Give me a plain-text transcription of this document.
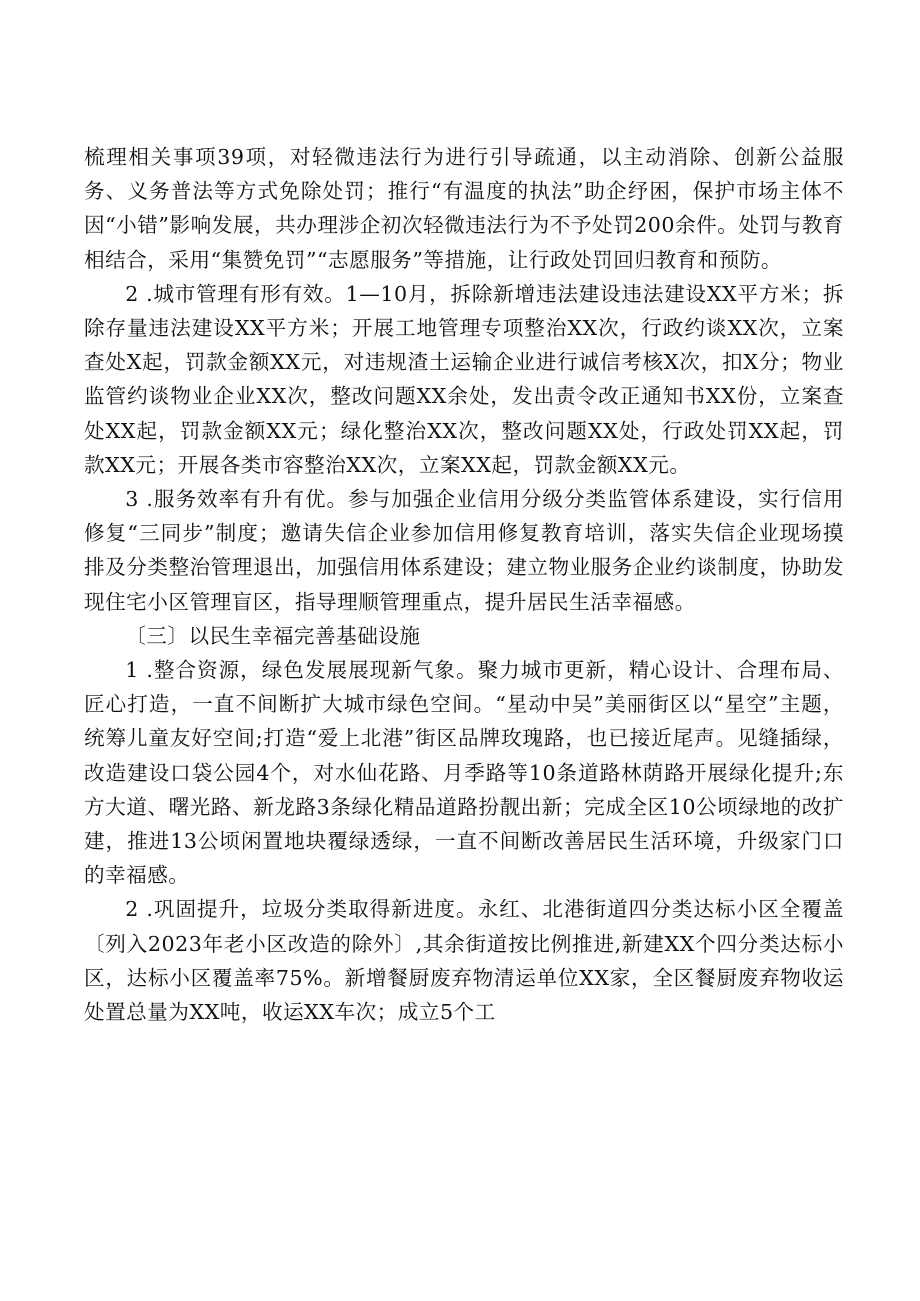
梳理相关事项39项，对轻微违法行为进行引导疏通，以主动消除、创新公益服务、义务普法等方式免除处罚；推行“有温度的执法”助企纾困，保护市场主体不因“小错”影响发展，共办理涉企初次轻微违法行为不予处罚200余件。处罚与教育相结合，采用“集赞免罚”“志愿服务”等措施，让行政处罚回归教育和预防。

2 .城市管理有形有效。1—10月，拆除新增违法建设违法建设XX平方米；拆除存量违法建设XX平方米；开展工地管理专项整治XX次，行政约谈XX次，立案查处X起，罚款金额XX元，对违规渣土运输企业进行诚信考核X次，扣X分；物业监管约谈物业企业XX次，整改问题XX余处，发出责令改正通知书XX份，立案查处XX起，罚款金额XX元；绿化整治XX次，整改问题XX处，行政处罚XX起，罚款XX元；开展各类市容整治XX次，立案XX起，罚款金额XX元。

3 .服务效率有升有优。参与加强企业信用分级分类监管体系建设，实行信用修复“三同步”制度；邀请失信企业参加信用修复教育培训，落实失信企业现场摸排及分类整治管理退出，加强信用体系建设；建立物业服务企业约谈制度，协助发现住宅小区管理盲区，指导理顺管理重点，提升居民生活幸福感。

〔三〕以民生幸福完善基础设施

1 .整合资源，绿色发展展现新气象。聚力城市更新，精心设计、合理布局、匠心打造，一直不间断扩大城市绿色空间。“星动中吴”美丽街区以“星空”主题，统筹儿童友好空间;打造“爱上北港”街区品牌玫瑰路，也已接近尾声。见缝插绿，改造建设口袋公园4个，对水仙花路、月季路等10条道路林荫路开展绿化提升;东方大道、曙光路、新龙路3条绿化精品道路扮靓出新；完成全区10公顷绿地的改扩建，推进13公顷闲置地块覆绿透绿，一直不间断改善居民生活环境，升级家门口的幸福感。

2 .巩固提升，垃圾分类取得新进度。永红、北港街道四分类达标小区全覆盖〔列入2023年老小区改造的除外〕,其余街道按比例推进,新建XX个四分类达标小区，达标小区覆盖率75%。新增餐厨废弃物清运单位XX家，全区餐厨废弃物收运处置总量为XX吨，收运XX车次；成立5个工
